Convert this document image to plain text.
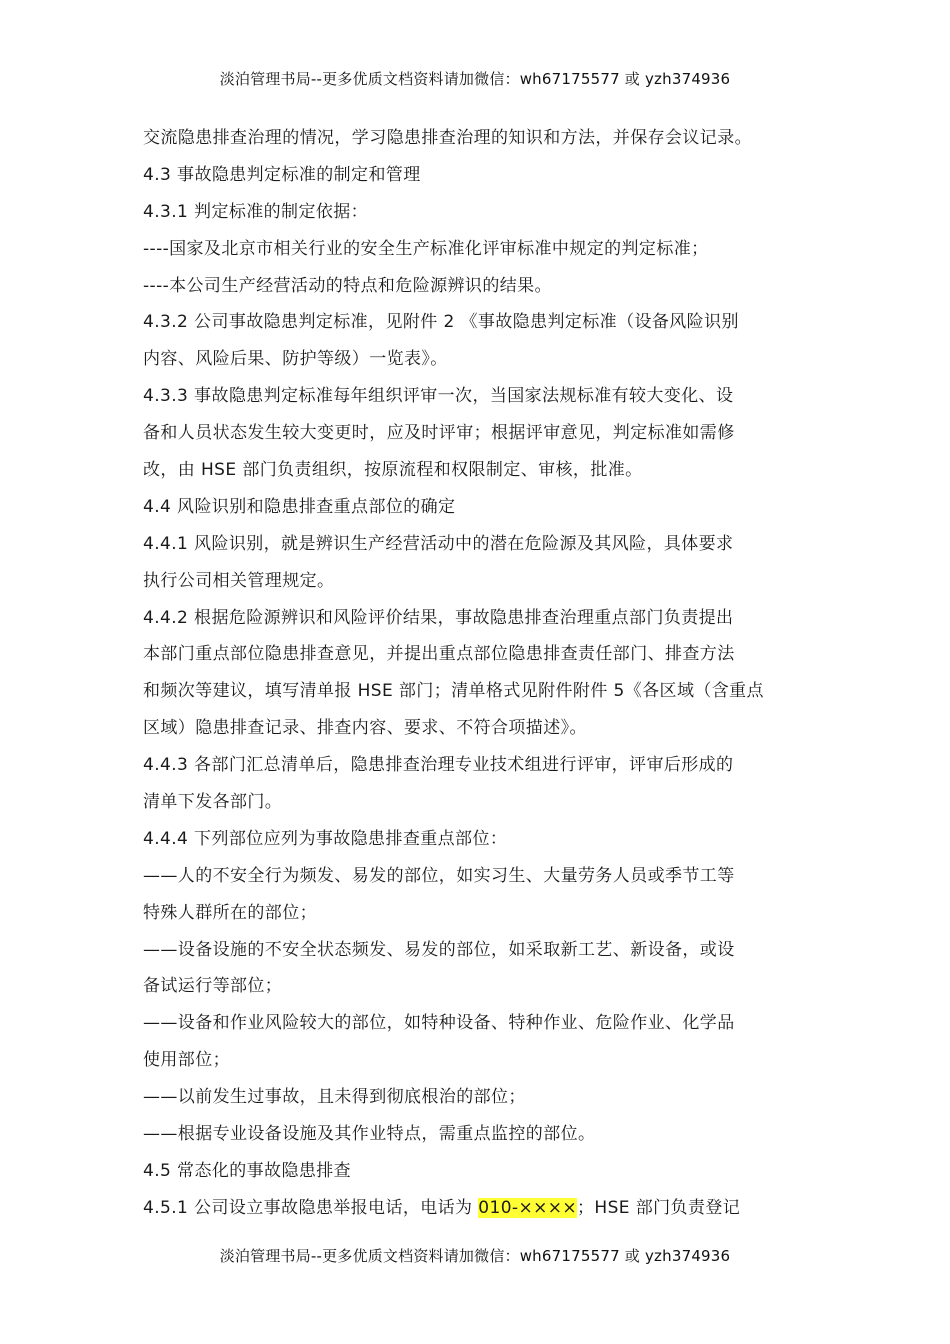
淡泊管理书局--更多优质文档资料请加微信：wh67175577 或 yzh374936
交流隐患排查治理的情况，学习隐患排查治理的知识和方法，并保存会议记录。
4.3 事故隐患判定标准的制定和管理
4.3.1 判定标准的制定依据：
----国家及北京市相关行业的安全生产标准化评审标准中规定的判定标准；
----本公司生产经营活动的特点和危险源辨识的结果。
4.3.2 公司事故隐患判定标准，见附件 2 《事故隐患判定标准（设备风险识别
内容、风险后果、防护等级）一览表》。
4.3.3 事故隐患判定标准每年组织评审一次，当国家法规标准有较大变化、设
备和人员状态发生较大变更时，应及时评审；根据评审意见，判定标准如需修
改，由 HSE 部门负责组织，按原流程和权限制定、审核，批准。
4.4 风险识别和隐患排查重点部位的确定
4.4.1 风险识别，就是辨识生产经营活动中的潜在危险源及其风险，具体要求
执行公司相关管理规定。
4.4.2 根据危险源辨识和风险评价结果，事故隐患排查治理重点部门负责提出
本部门重点部位隐患排查意见，并提出重点部位隐患排查责任部门、排查方法
和频次等建议，填写清单报 HSE 部门；清单格式见附件附件 5《各区域（含重点
区域）隐患排查记录、排查内容、要求、不符合项描述》。
4.4.3 各部门汇总清单后，隐患排查治理专业技术组进行评审，评审后形成的
清单下发各部门。
4.4.4 下列部位应列为事故隐患排查重点部位：
——人的不安全行为频发、易发的部位，如实习生、大量劳务人员或季节工等
特殊人群所在的部位；
——设备设施的不安全状态频发、易发的部位，如采取新工艺、新设备，或设
备试运行等部位；
——设备和作业风险较大的部位，如特种设备、特种作业、危险作业、化学品
使用部位；
——以前发生过事故，且未得到彻底根治的部位；
——根据专业设备设施及其作业特点，需重点监控的部位。
4.5 常态化的事故隐患排查
4.5.1 公司设立事故隐患举报电话，电话为 010-××××；HSE 部门负责登记
淡泊管理书局--更多优质文档资料请加微信：wh67175577 或 yzh374936
